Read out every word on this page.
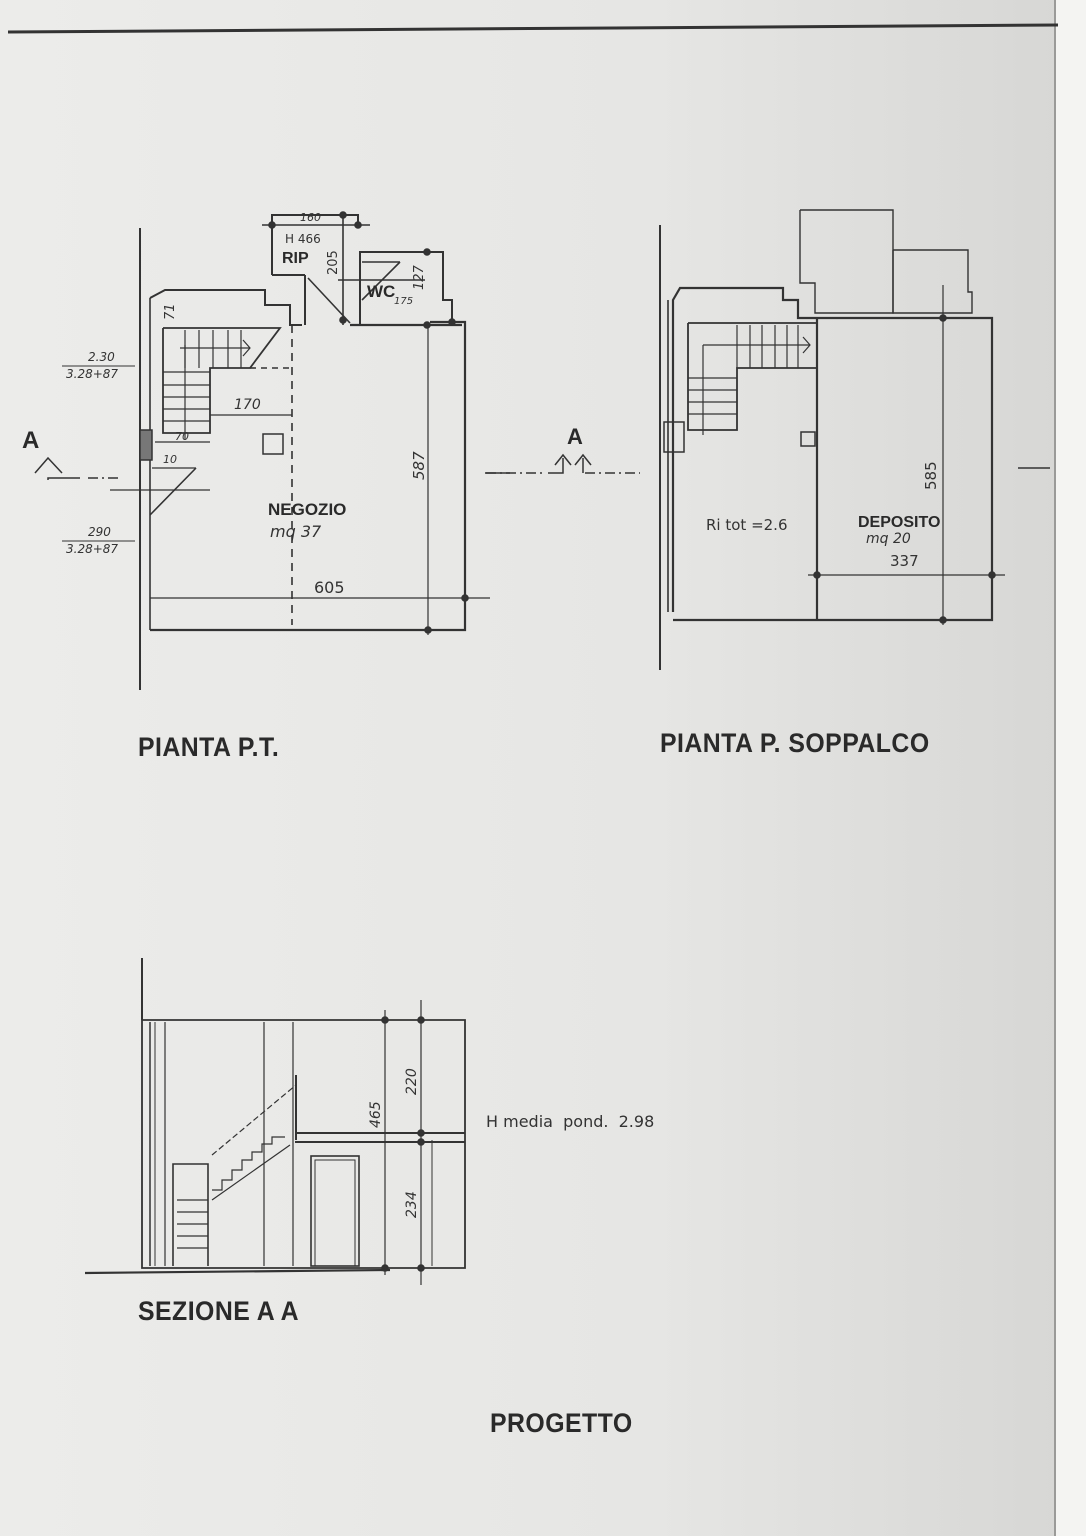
PIANTA P.T.	PIANTA P. SOPPALCO
SEZIONE A A
PROGETTO
NEGOZIO
mq 37
RIP
H 466
WC
160
205
127
175
71
170
70
10	587
605
2.30
3.28+87
290
3.28+87
A	A
DEPOSITO
mq 20
Ri tot =2.6
585
337
465
220
234
H media  pond.  2.98
